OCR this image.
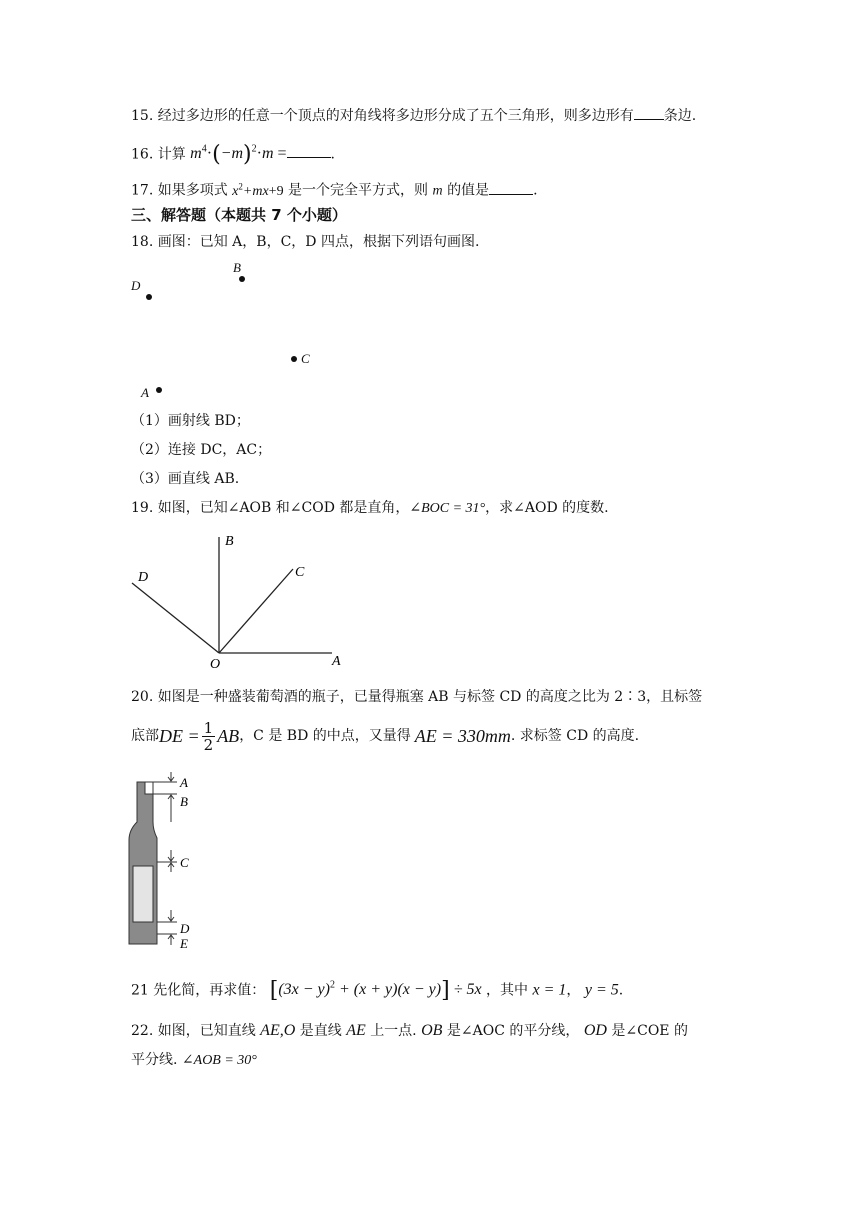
15. 经过多边形的任意一个顶点的对角线将多边形分成了五个三角形，则多边形有 条边.
16. 计算 $m^4\cdot(-m)^2\cdot m$ =	.
17. 如果多项式 $x^2+mx+9$ 是一个完全平方式，则 m 的值是	.
三、解答题（本题共 7 个小题）
18. 画图：已知 A，B，C，D 四点，根据下列语句画图.
B
D
C
A
（1）画射线 BD；
（2）连接 DC，AC；
（3）画直线 AB.
19. 如图，已知∠AOB 和∠COD 都是直角，∠BOC = 31°，求∠AOD 的度数.
B
C
D
O	A
20. 如图是一种盛装葡萄酒的瓶子，已量得瓶塞 AB 与标签 CD 的高度之比为 2∶3，且标签
底部 DE = $\frac{1}{2}$ AB ，C 是 BD 的中点，又量得 AE = 330mm . 求标签 CD 的高度.
A
B
C
D
E
21 先化简，再求值： $[(3x - y)^2 + (x + y)(x - y)] \div 5x$ ，其中 x = 1， y = 5.
22. 如图，已知直线 AE,O 是直线 AE 上一点. OB 是∠AOC 的平分线， OD 是∠COE 的
平分线. ∠AOB = 30°
